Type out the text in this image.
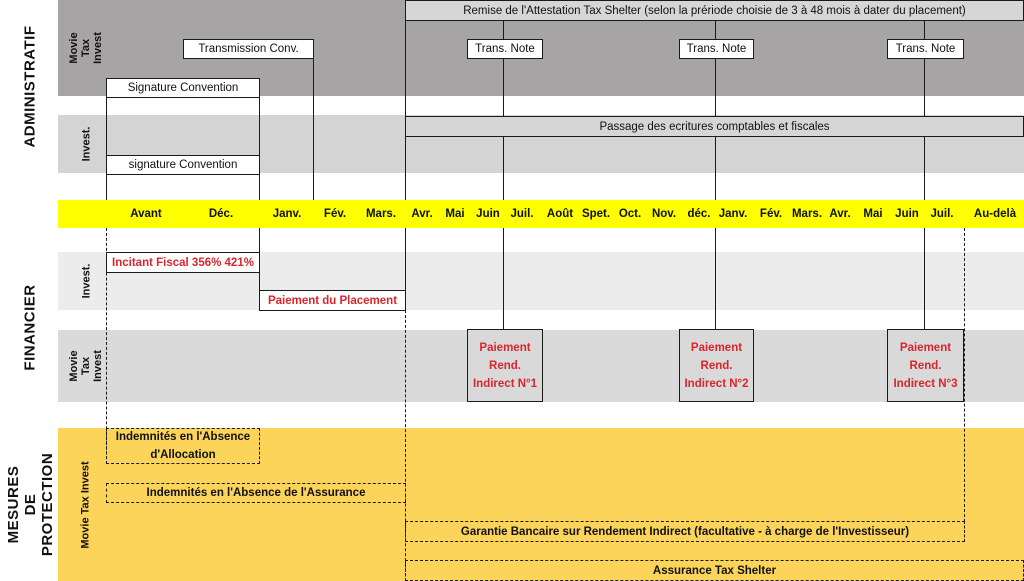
ADMINISTRATIF
FINANCIER
MESURES DE PROTECTION
Movie Tax Invest
Invest.
Invest.
Movie Tax Invest
Movie Tax Invest
Remise de l'Attestation Tax Shelter (selon la prériode choisie de 3 à 48 mois à dater du placement)
Transmission Conv.	Trans. Note	Trans. Note	Trans. Note
Signature Convention
Passage des ecritures comptables et fiscales
signature Convention
Avant	Déc.	Janv. Fév. Mars. Avr. Mai Juin Juil. Août Spet. Oct. Nov. déc. Janv. Fév. Mars. Avr. Mai Juin Juil. Au-delà
Incitant Fiscal 356% 421%
Paiement du Placement
Paiement Rend. Indirect N°1
Paiement Rend. Indirect N°2
Paiement Rend. Indirect N°3
Indemnités en l'Absence d'Allocation
Indemnités en l'Absence de l'Assurance
Garantie Bancaire sur Rendement Indirect (facultative - à charge de l'Investisseur)
Assurance Tax Shelter
